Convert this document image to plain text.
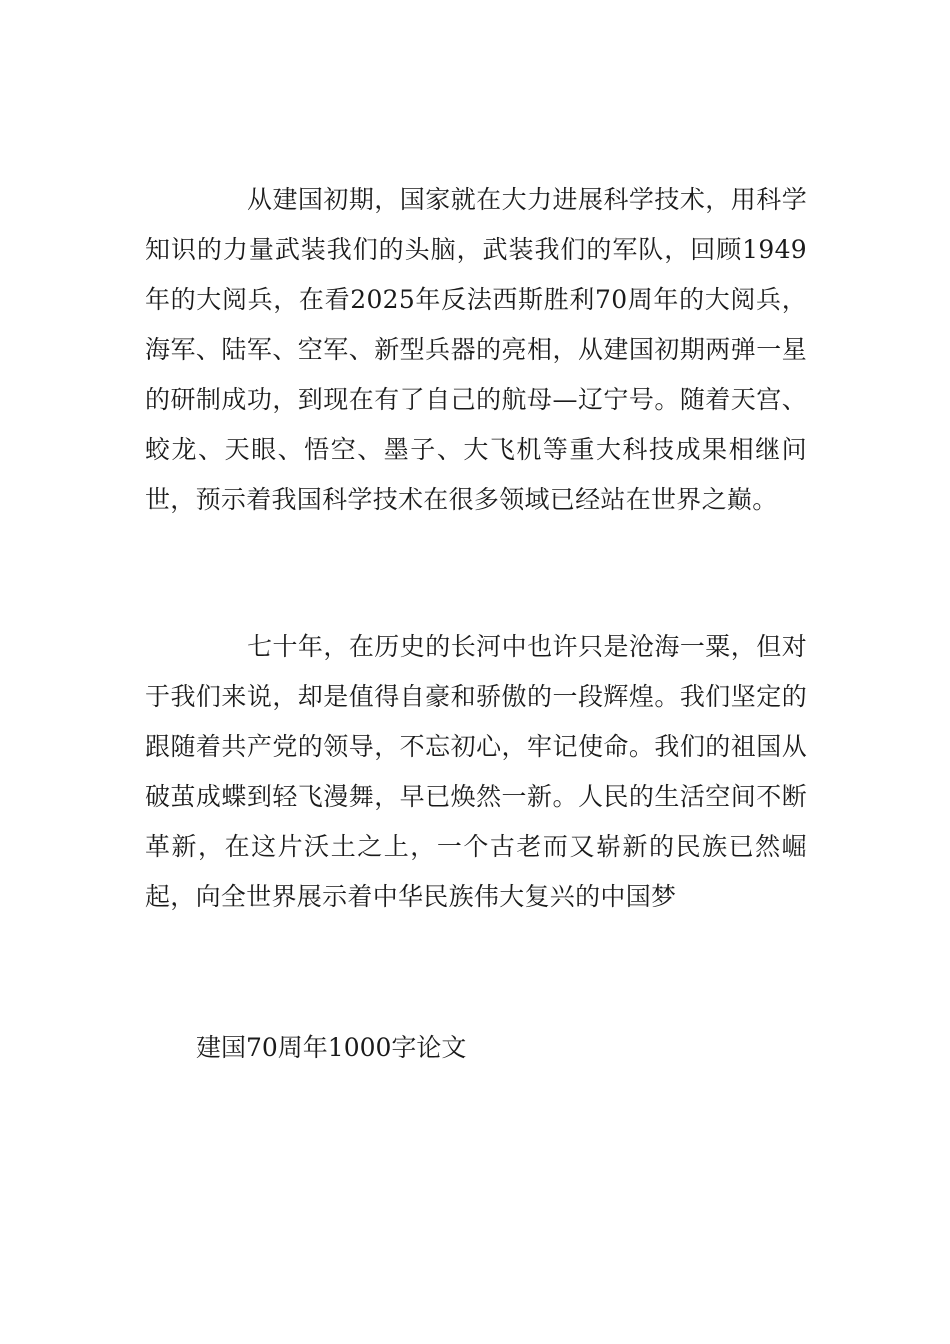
从建国初期，国家就在大力进展科学技术，用科学知识的力量武装我们的头脑，武装我们的军队，回顾1949年的大阅兵，在看2025年反法西斯胜利70周年的大阅兵，海军、陆军、空军、新型兵器的亮相，从建国初期两弹一星的研制成功，到现在有了自己的航母—辽宁号。随着天宫、蛟龙、天眼、悟空、墨子、大飞机等重大科技成果相继问世，预示着我国科学技术在很多领域已经站在世界之巅。

七十年，在历史的长河中也许只是沧海一粟，但对于我们来说，却是值得自豪和骄傲的一段辉煌。我们坚定的跟随着共产党的领导，不忘初心，牢记使命。我们的祖国从破茧成蝶到轻飞漫舞，早已焕然一新。人民的生活空间不断革新，在这片沃土之上，一个古老而又崭新的民族已然崛起，向全世界展示着中华民族伟大复兴的中国梦

建国70周年1000字论文
